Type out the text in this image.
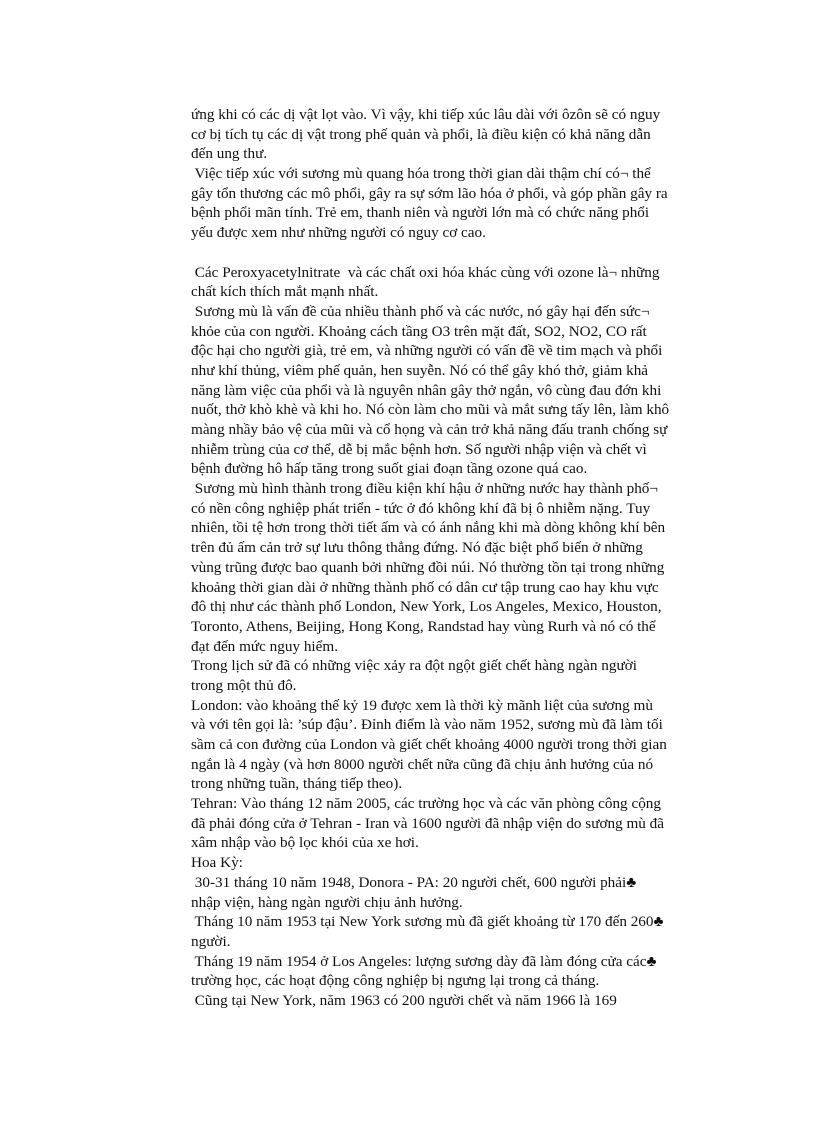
ứng khi có các dị vật lọt vào. Vì vậy, khi tiếp xúc lâu dài với ôzôn sẽ có nguy
cơ bị tích tụ các dị vật trong phế quản và phổi, là điều kiện có khả năng dẫn
đến ung thư.
Việc tiếp xúc với sương mù quang hóa trong thời gian dài thậm chí có¬ thể
gây tổn thương các mô phổi, gây ra sự sớm lão hóa ở phổi, và góp phần gây ra
bệnh phổi mãn tính. Trẻ em, thanh niên và người lớn mà có chức năng phổi
yếu được xem như những người có nguy cơ cao.
Các Peroxyacetylnitrate  và các chất oxi hóa khác cùng với ozone là¬ những
chất kích thích mắt mạnh nhất.
Sương mù là vấn đề của nhiều thành phố và các nước, nó gây hại đến sức¬
khỏe của con người. Khoảng cách tầng O3 trên mặt đất, SO2, NO2, CO rất
độc hại cho người già, trẻ em, và những người có vấn đề về tim mạch và phổi
như khí thủng, viêm phế quản, hen suyễn. Nó có thể gây khó thở, giảm khả
năng làm việc của phổi và là nguyên nhân gây thở ngắn, vô cùng đau đớn khi
nuốt, thở khò khè và khi ho. Nó còn làm cho mũi và mắt sưng tấy lên, làm khô
màng nhầy bảo vệ của mũi và cổ họng và cản trở khả năng đấu tranh chống sự
nhiễm trùng của cơ thể, dễ bị mắc bệnh hơn. Số người nhập viện và chết vì
bệnh đường hô hấp tăng trong suốt giai đoạn tầng ozone quá cao.
Sương mù hình thành trong điều kiện khí hậu ở những nước hay thành phố¬
có nền công nghiệp phát triển - tức ở đó không khí đã bị ô nhiễm nặng. Tuy
nhiên, tồi tệ hơn trong thời tiết ấm và có ánh nắng khi mà dòng không khí bên
trên đủ ấm cản trở sự lưu thông thẳng đứng. Nó đặc biệt phổ biến ở những
vùng trũng được bao quanh bởi những đồi núi. Nó thường tồn tại trong những
khoảng thời gian dài ở những thành phố có dân cư tập trung cao hay khu vực
đô thị như các thành phố London, New York, Los Angeles, Mexico, Houston,
Toronto, Athens, Beijing, Hong Kong, Randstad hay vùng Rurh và nó có thể
đạt đến mức nguy hiểm.
Trong lịch sử đã có những việc xảy ra đột ngột giết chết hàng ngàn người
trong một thủ đô.
London: vào khoảng thế kỷ 19 được xem là thời kỳ mãnh liệt của sương mù
và với tên gọi là: ’súp đậu’. Đỉnh điểm là vào năm 1952, sương mù đã làm tối
sầm cả con đường của London và giết chết khoảng 4000 người trong thời gian
ngắn là 4 ngày (và hơn 8000 người chết nữa cũng đã chịu ảnh hưởng của nó
trong những tuần, tháng tiếp theo).
Tehran: Vào tháng 12 năm 2005, các trường học và các văn phòng công cộng
đã phải đóng cửa ở Tehran - Iran và 1600 người đã nhập viện do sương mù đã
xâm nhập vào bộ lọc khói của xe hơi.
Hoa Kỳ:
30-31 tháng 10 năm 1948, Donora - PA: 20 người chết, 600 người phải♣
nhập viện, hàng ngàn người chịu ảnh hưởng.
Tháng 10 năm 1953 tại New York sương mù đã giết khoảng từ 170 đến 260♣
người.
Tháng 19 năm 1954 ở Los Angeles: lượng sương dày đã làm đóng cửa các♣
trường học, các hoạt động công nghiệp bị ngưng lại trong cả tháng.
Cũng tại New York, năm 1963 có 200 người chết và năm 1966 là 169
